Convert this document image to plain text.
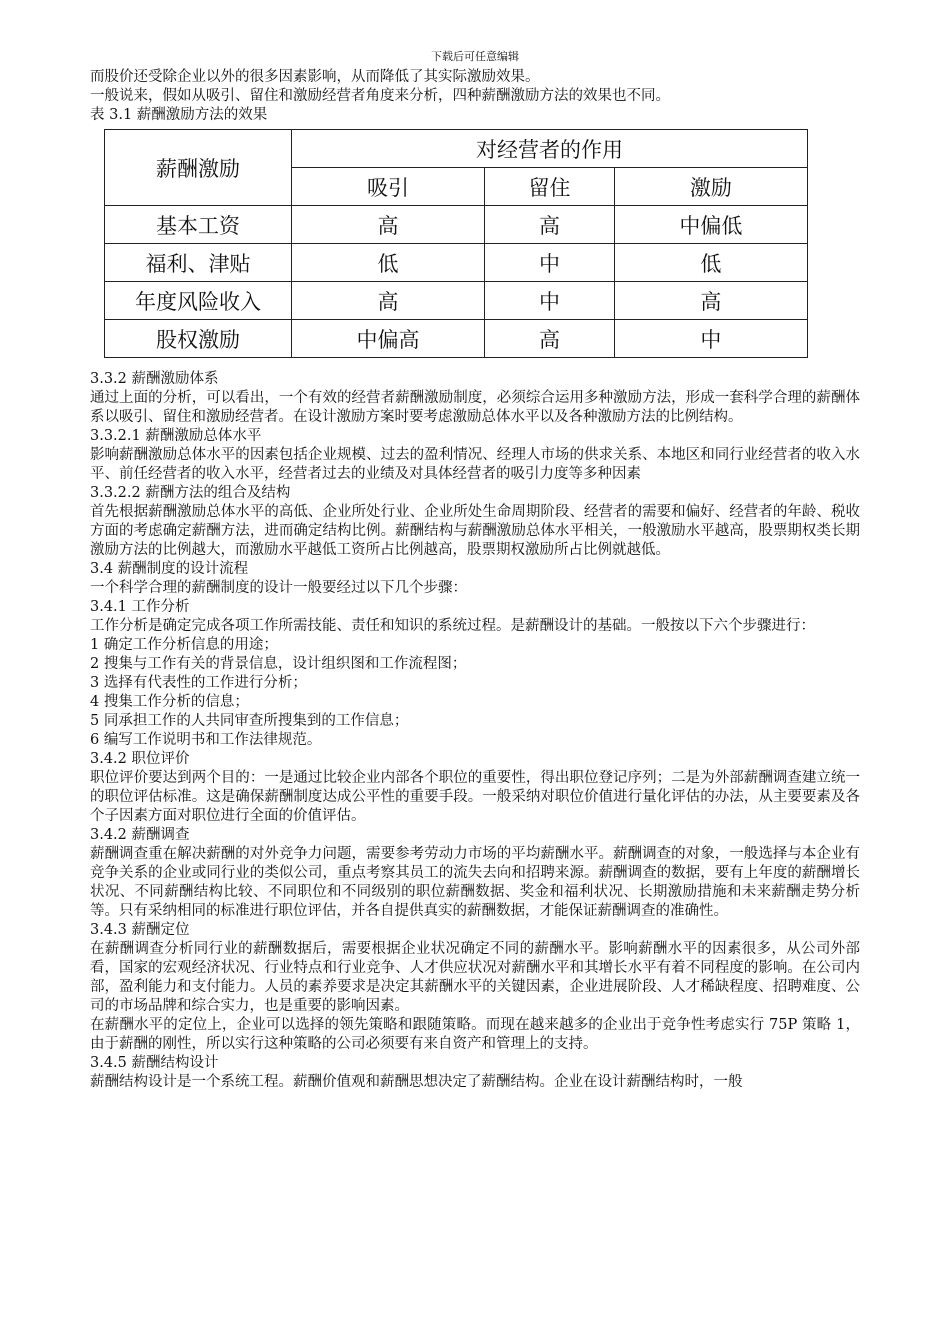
下载后可任意编辑

而股价还受除企业以外的很多因素影响，从而降低了其实际激励效果。

一般说来，假如从吸引、留住和激励经营者角度来分析，四种薪酬激励方法的效果也不同。

表 3.1 薪酬激励方法的效果

薪酬激励	对经营者的作用		
	吸引	留住	激励
基本工资	高	高	中偏低
福利、津贴	低	中	低
年度风险收入	高	中	高
股权激励	中偏高	高	中
3.3.2 薪酬激励体系

通过上面的分析，可以看出，一个有效的经营者薪酬激励制度，必须综合运用多种激励方法，形成一套科学合理的薪酬体系以吸引、留住和激励经营者。在设计激励方案时要考虑激励总体水平以及各种激励方法的比例结构。

3.3.2.1 薪酬激励总体水平

影响薪酬激励总体水平的因素包括企业规模、过去的盈利情况、经理人市场的供求关系、本地区和同行业经营者的收入水平、前任经营者的收入水平，经营者过去的业绩及对具体经营者的吸引力度等多种因素

3.3.2.2 薪酬方法的组合及结构

首先根据薪酬激励总体水平的高低、企业所处行业、企业所处生命周期阶段、经营者的需要和偏好、经营者的年龄、税收方面的考虑确定薪酬方法，进而确定结构比例。薪酬结构与薪酬激励总体水平相关，一般激励水平越高，股票期权类长期激励方法的比例越大，而激励水平越低工资所占比例越高，股票期权激励所占比例就越低。

3.4 薪酬制度的设计流程

一个科学合理的薪酬制度的设计一般要经过以下几个步骤：

3.4.1 工作分析

工作分析是确定完成各项工作所需技能、责任和知识的系统过程。是薪酬设计的基础。一般按以下六个步骤进行：

1 确定工作分析信息的用途；

2 搜集与工作有关的背景信息，设计组织图和工作流程图；

3 选择有代表性的工作进行分析；

4 搜集工作分析的信息；

5 同承担工作的人共同审查所搜集到的工作信息；

6 编写工作说明书和工作法律规范。

3.4.2 职位评价

职位评价要达到两个目的：一是通过比较企业内部各个职位的重要性，得出职位登记序列；二是为外部薪酬调查建立统一的职位评估标准。这是确保薪酬制度达成公平性的重要手段。一般采纳对职位价值进行量化评估的办法，从主要要素及各个子因素方面对职位进行全面的价值评估。

3.4.2 薪酬调查

薪酬调查重在解决薪酬的对外竞争力问题，需要参考劳动力市场的平均薪酬水平。薪酬调查的对象，一般选择与本企业有竞争关系的企业或同行业的类似公司，重点考察其员工的流失去向和招聘来源。薪酬调查的数据，要有上年度的薪酬增长状况、不同薪酬结构比较、不同职位和不同级别的职位薪酬数据、奖金和福利状况、长期激励措施和未来薪酬走势分析等。只有采纳相同的标准进行职位评估，并各自提供真实的薪酬数据，才能保证薪酬调查的准确性。

3.4.3 薪酬定位

在薪酬调查分析同行业的薪酬数据后，需要根据企业状况确定不同的薪酬水平。影响薪酬水平的因素很多，从公司外部看，国家的宏观经济状况、行业特点和行业竞争、人才供应状况对薪酬水平和其增长水平有着不同程度的影响。在公司内部，盈利能力和支付能力。人员的素养要求是决定其薪酬水平的关键因素，企业进展阶段、人才稀缺程度、招聘难度、公司的市场品牌和综合实力，也是重要的影响因素。

在薪酬水平的定位上，企业可以选择的领先策略和跟随策略。而现在越来越多的企业出于竞争性考虑实行 75P 策略 1，由于薪酬的刚性，所以实行这种策略的公司必须要有来自资产和管理上的支持。

3.4.5 薪酬结构设计

薪酬结构设计是一个系统工程。薪酬价值观和薪酬思想决定了薪酬结构。企业在设计薪酬结构时，一般
